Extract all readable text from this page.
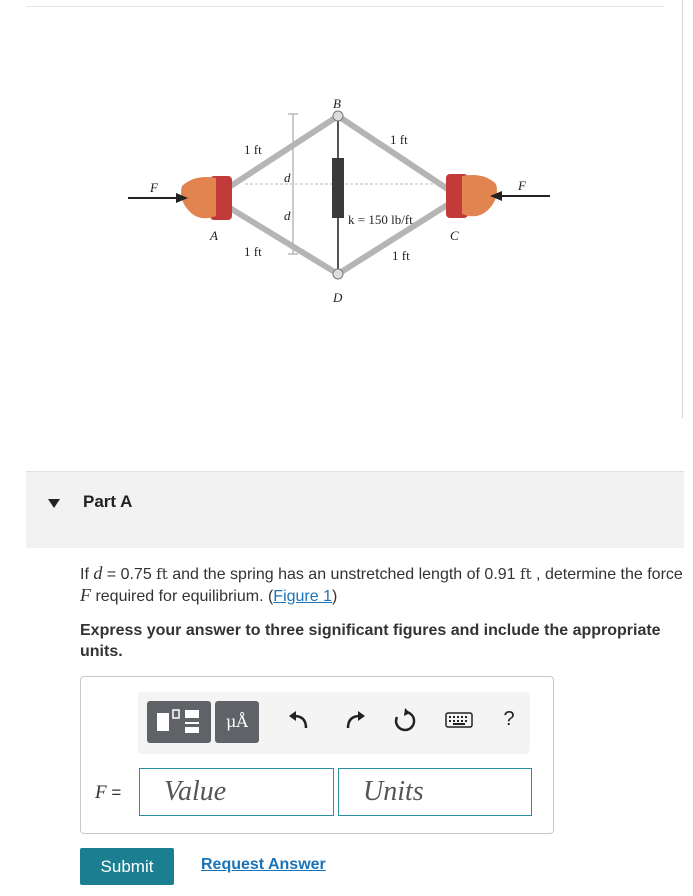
B
D
A	C
F	F
d
d
1 ft
1 ft
1 ft	1 ft
k = 150 lb/ft
Part A
If d = 0.75 ft and the spring has an unstretched length of 0.91 ft , determine the force F required for equilibrium. (Figure 1)
Express your answer to three significant figures and include the appropriate units.
μÅ	?
F =	Value	Units
Submit	Request Answer
